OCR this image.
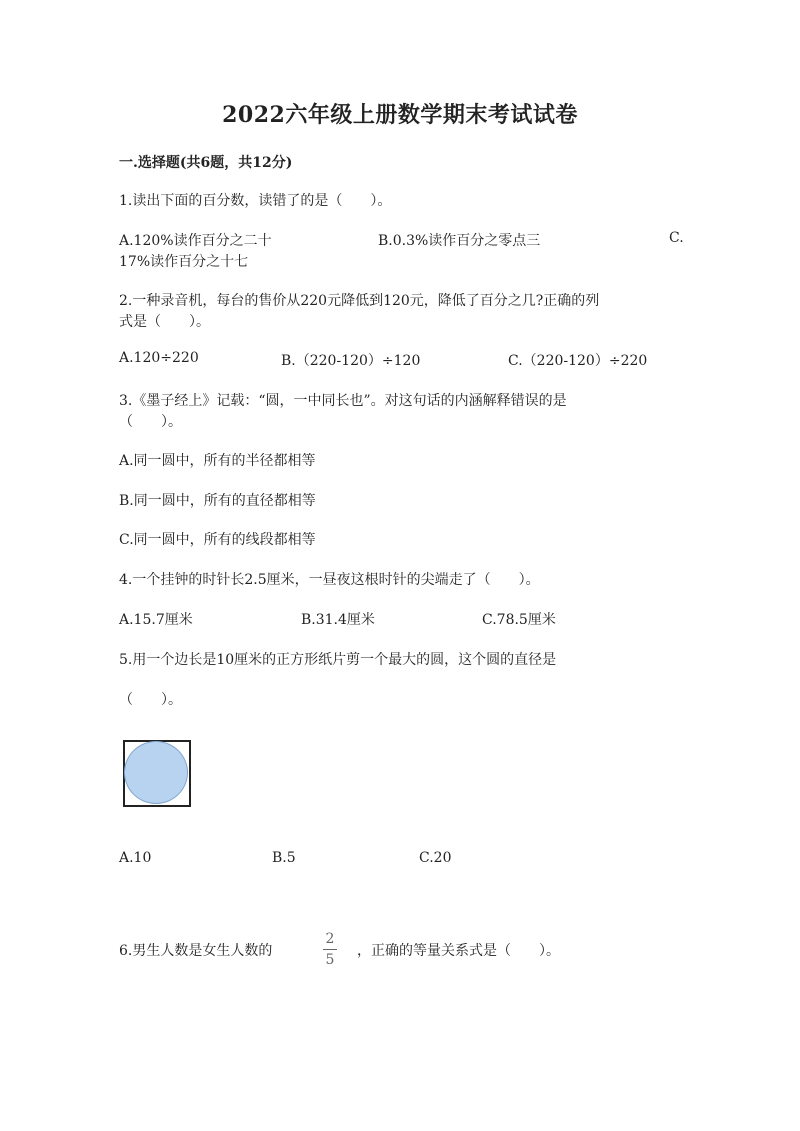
2022六年级上册数学期末考试试卷
一.选择题(共6题，共12分)
1.读出下面的百分数，读错了的是（　　）。
A.120%读作百分之二十	B.0.3%读作百分之零点三	C.
17%读作百分之十七
2.一种录音机，每台的售价从220元降低到120元，降低了百分之几?正确的列
式是（　　）。
A.120÷220	B.（220-120）÷120	C.（220-120）÷220
3.《墨子经上》记载：“圆，一中同长也”。对这句话的内涵解释错误的是
（　　）。
A.同一圆中，所有的半径都相等
B.同一圆中，所有的直径都相等
C.同一圆中，所有的线段都相等
4.一个挂钟的时针长2.5厘米，一昼夜这根时针的尖端走了（　　）。
A.15.7厘米	B.31.4厘米	C.78.5厘米
5.用一个边长是10厘米的正方形纸片剪一个最大的圆，这个圆的直径是
（　　）。
A.10	B.5	C.20
6.男生人数是女生人数的
2
5
，正确的等量关系式是（　　）。
